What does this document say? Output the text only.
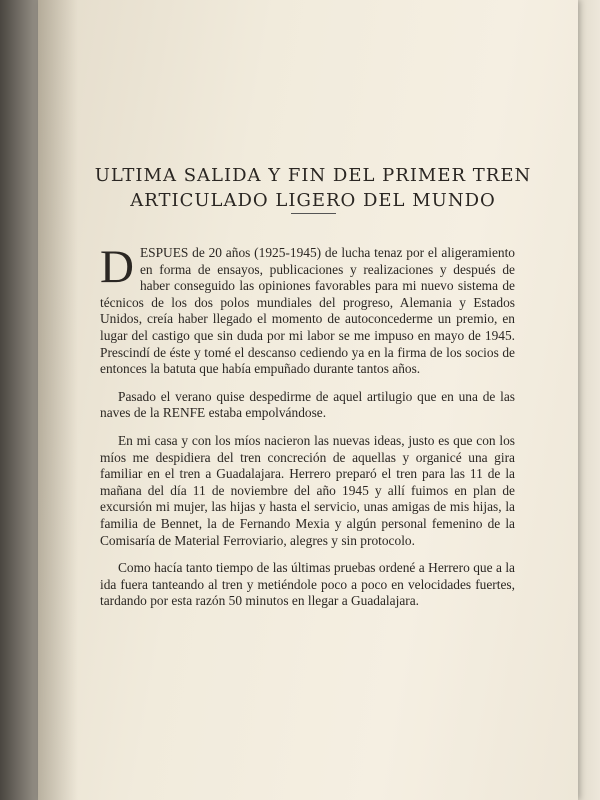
ULTIMA SALIDA Y FIN DEL PRIMER TREN
ARTICULADO LIGERO DEL MUNDO

DESPUES de 20 años (1925-1945) de lucha tenaz por el aligeramiento en forma de ensayos, publicaciones y realizaciones y después de haber conseguido las opiniones favorables para mi nuevo sistema de técnicos de los dos polos mundiales del progreso, Alemania y Estados Unidos, creía haber llegado el momento de autoconcederme un premio, en lugar del castigo que sin duda por mi labor se me impuso en mayo de 1945. Prescindí de éste y tomé el descanso cediendo ya en la firma de los socios de entonces la batuta que había empuñado durante tantos años.

Pasado el verano quise despedirme de aquel artilugio que en una de las naves de la RENFE estaba empolvándose.

En mi casa y con los míos nacieron las nuevas ideas, justo es que con los míos me despidiera del tren concreción de aquellas y organicé una gira familiar en el tren a Guadalajara. Herrero preparó el tren para las 11 de la mañana del día 11 de noviembre del año 1945 y allí fuimos en plan de excursión mi mujer, las hijas y hasta el servicio, unas amigas de mis hijas, la familia de Bennet, la de Fernando Mexia y algún personal femenino de la Comisaría de Material Ferroviario, alegres y sin protocolo.

Como hacía tanto tiempo de las últimas pruebas ordené a Herrero que a la ida fuera tanteando al tren y metiéndole poco a poco en velocidades fuertes, tardando por esta razón 50 minutos en llegar a Guadalajara.
